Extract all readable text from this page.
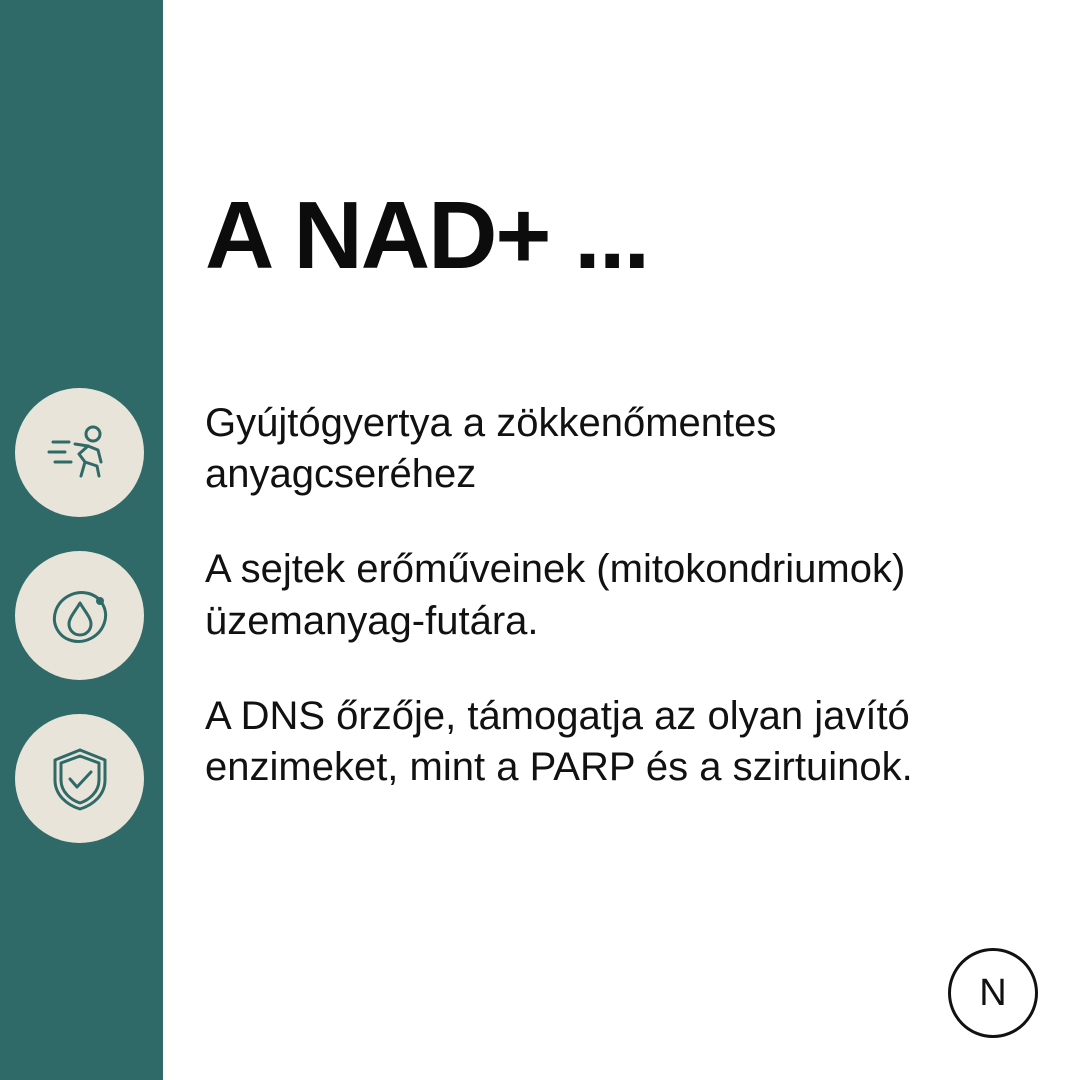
A NAD+ ...

Gyújtógyertya a zökkenőmentes anyagcseréhez

A sejtek erőműveinek (mitokondriumok) üzemanyag-futára.

A DNS őrzője, támogatja az olyan javító enzimeket, mint a PARP és a szirtuinok.

N
